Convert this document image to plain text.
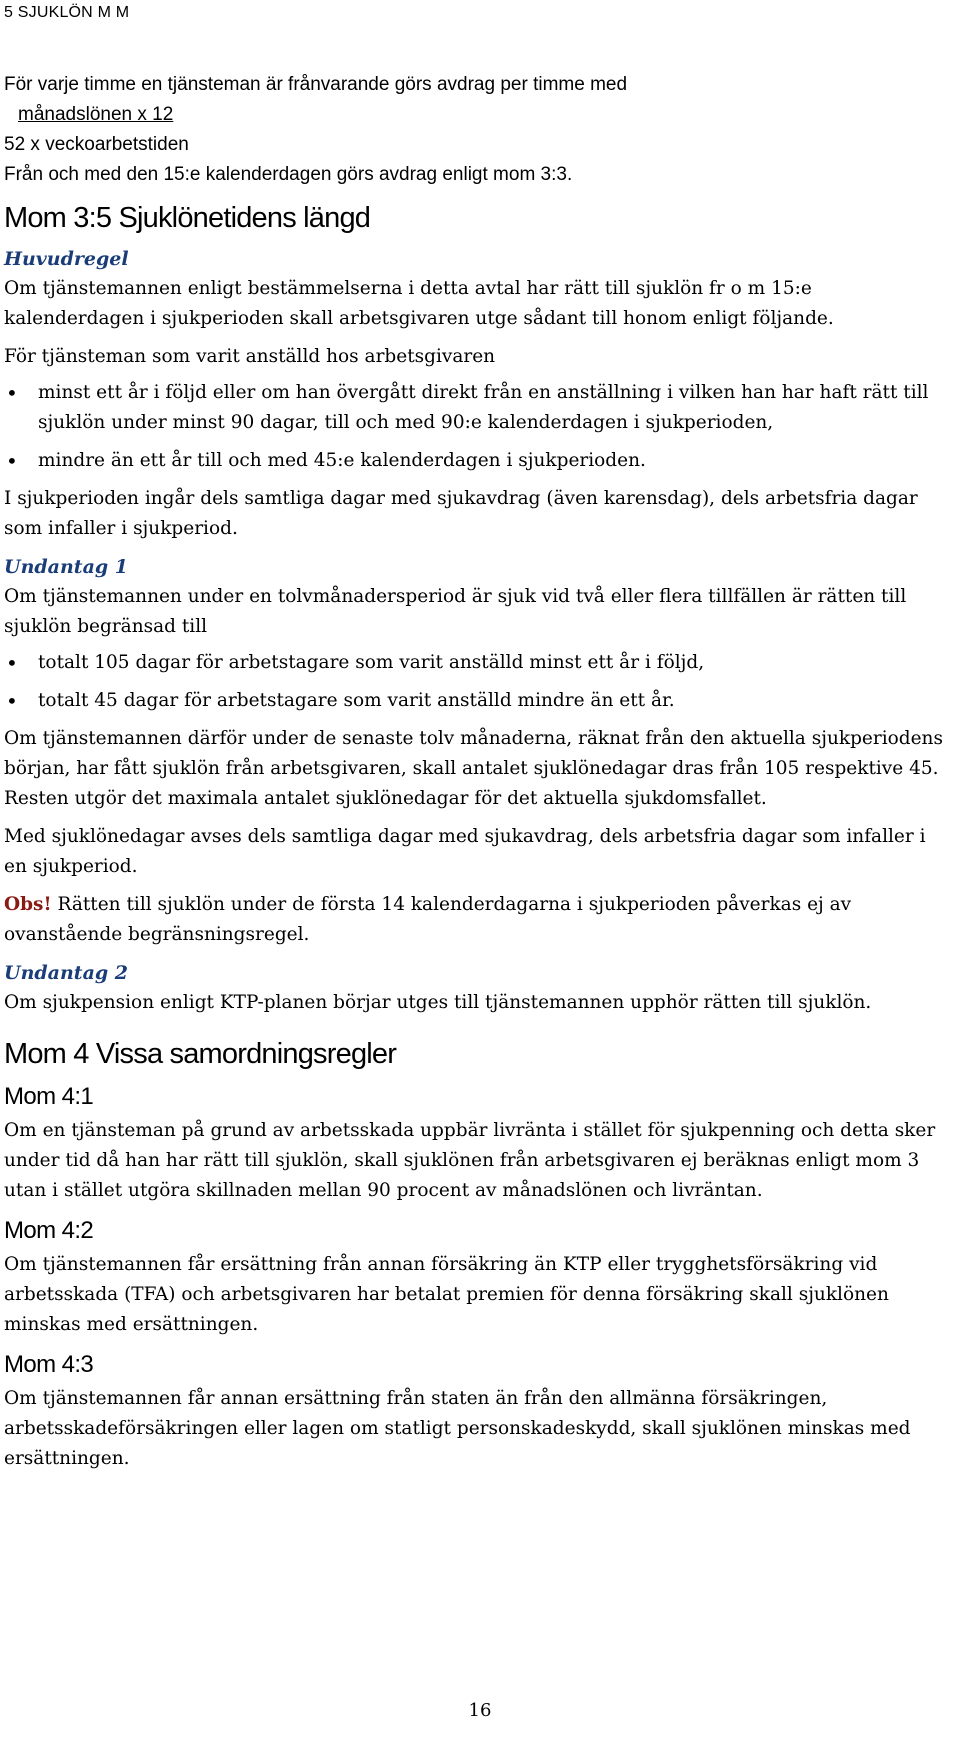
5 SJUKLÖN M M

För varje timme en tjänsteman är frånvarande görs avdrag per timme med

månadslönen x 12
52 x veckoarbetstiden

Från och med den 15:e kalenderdagen görs avdrag enligt mom 3:3.

Mom 3:5 Sjuklönetidens längd
Huvudregel

Om tjänstemannen enligt bestämmelserna i detta avtal har rätt till sjuklön fr o m 15:e kalenderdagen i sjukperioden skall arbetsgivaren utge sådant till honom enligt följande.

För tjänsteman som varit anställd hos arbetsgivaren

• minst ett år i följd eller om han övergått direkt från en anställning i vilken han har haft rätt till sjuklön under minst 90 dagar, till och med 90:e kalenderdagen i sjukperioden,
• mindre än ett år till och med 45:e kalenderdagen i sjukperioden.

I sjukperioden ingår dels samtliga dagar med sjukavdrag (även karensdag), dels arbetsfria dagar som infaller i sjukperiod.

Undantag 1

Om tjänstemannen under en tolvmånadersperiod är sjuk vid två eller flera tillfällen är rätten till sjuklön begränsad till

• totalt 105 dagar för arbetstagare som varit anställd minst ett år i följd,
• totalt 45 dagar för arbetstagare som varit anställd mindre än ett år.

Om tjänstemannen därför under de senaste tolv månaderna, räknat från den aktuella sjukperiodens början, har fått sjuklön från arbetsgivaren, skall antalet sjuklönedagar dras från 105 respektive 45. Resten utgör det maximala antalet sjuklönedagar för det aktuella sjukdomsfallet.

Med sjuklönedagar avses dels samtliga dagar med sjukavdrag, dels arbetsfria dagar som infaller i en sjukperiod.

Obs! Rätten till sjuklön under de första 14 kalenderdagarna i sjukperioden påverkas ej av ovanstående begränsningsregel.

Undantag 2

Om sjukpension enligt KTP-planen börjar utges till tjänstemannen upphör rätten till sjuklön.

Mom 4 Vissa samordningsregler
Mom 4:1

Om en tjänsteman på grund av arbetsskada uppbär livränta i stället för sjukpenning och detta sker under tid då han har rätt till sjuklön, skall sjuklönen från arbetsgivaren ej beräknas enligt mom 3 utan i stället utgöra skillnaden mellan 90 procent av månadslönen och livräntan.

Mom 4:2

Om tjänstemannen får ersättning från annan försäkring än KTP eller trygghetsförsäkring vid arbetsskada (TFA) och arbetsgivaren har betalat premien för denna försäkring skall sjuklönen minskas med ersättningen.

Mom 4:3

Om tjänstemannen får annan ersättning från staten än från den allmänna försäkringen, arbetsskadeförsäkringen eller lagen om statligt personskadeskydd, skall sjuklönen minskas med ersättningen.

16
